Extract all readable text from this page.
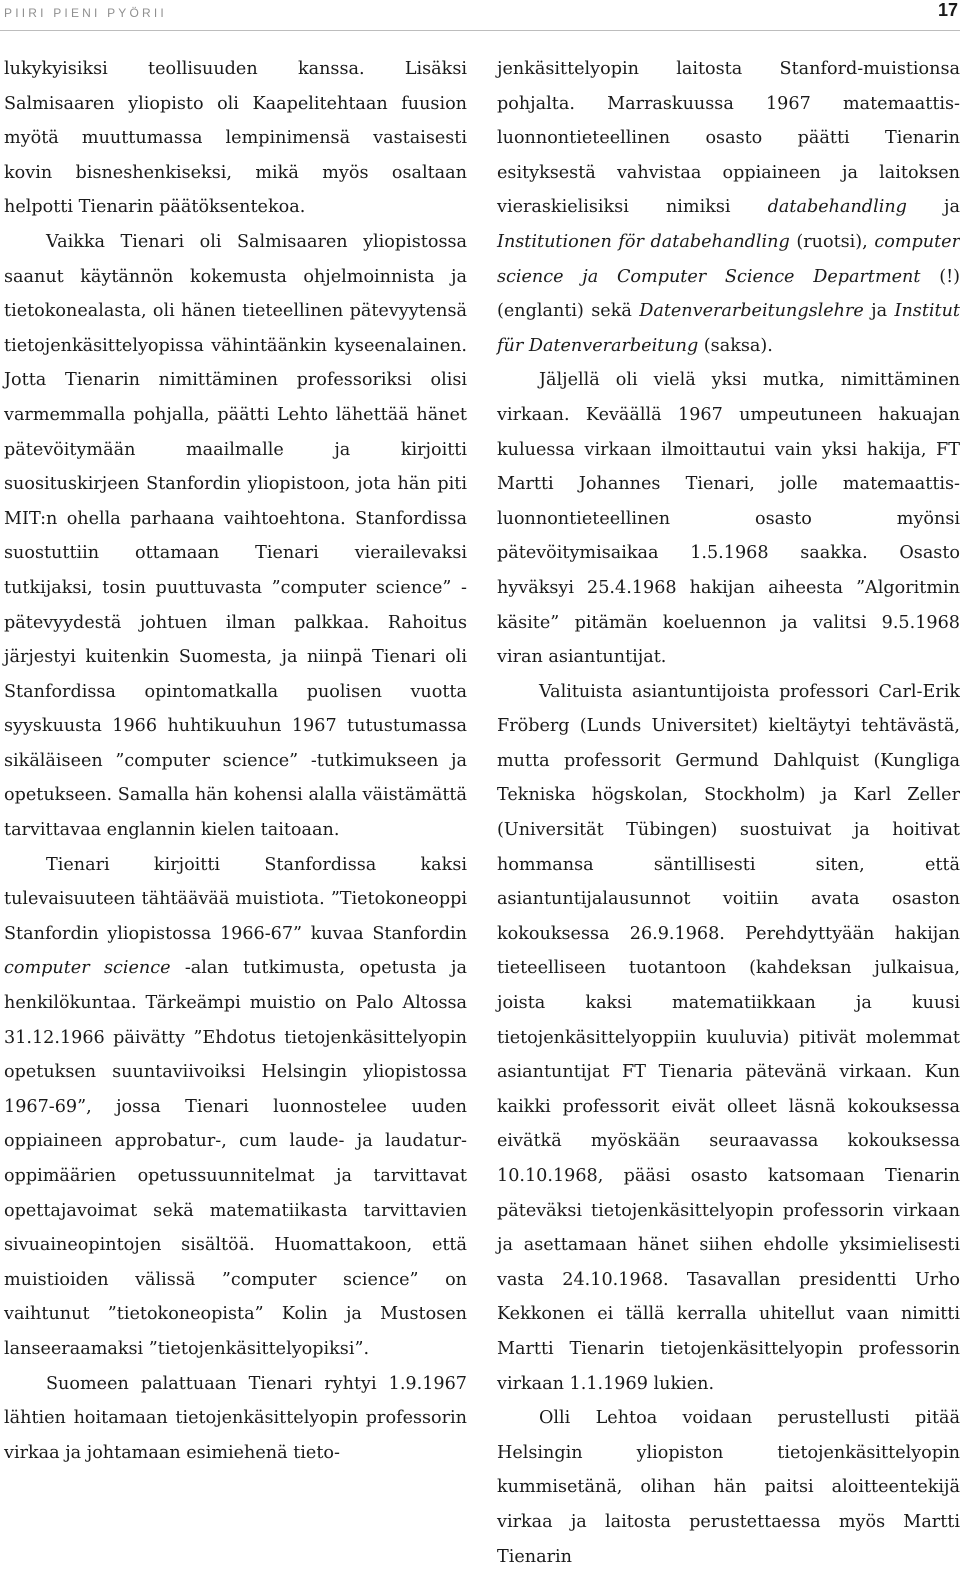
PIIRI PIENI PYÖRII	17

lukykyisiksi teollisuuden kanssa. Lisäksi Salmisaaren yliopisto oli Kaapelitehtaan fuusion myötä muuttumassa lempinimensä vastaisesti kovin bisneshenkiseksi, mikä myös osaltaan helpotti Tienarin päätöksentekoa.

Vaikka Tienari oli Salmisaaren yliopistossa saanut käytännön kokemusta ohjelmoinnista ja tietokonealasta, oli hänen tieteellinen pätevyytensä tietojenkäsittelyopissa vähintäänkin kyseenalainen. Jotta Tienarin nimittäminen professoriksi olisi varmemmalla pohjalla, päätti Lehto lähettää hänet pätevöitymään maailmalle ja kirjoitti suosituskirjeen Stanfordin yliopistoon, jota hän piti MIT:n ohella parhaana vaihtoehtona. Stanfordissa suostuttiin ottamaan Tienari vierailevaksi tutkijaksi, tosin puuttuvasta ”computer science” -pätevyydestä johtuen ilman palkkaa. Rahoitus järjestyi kuitenkin Suomesta, ja niinpä Tienari oli Stanfordissa opintomatkalla puolisen vuotta syyskuusta 1966 huhtikuuhun 1967 tutustumassa sikäläiseen ”computer science” -tutkimukseen ja opetukseen. Samalla hän kohensi alalla väistämättä tarvittavaa englannin kielen taitoaan.

Tienari kirjoitti Stanfordissa kaksi tulevaisuuteen tähtäävää muistiota. ”Tietokoneoppi Stanfordin yliopistossa 1966-67” kuvaa Stanfordin computer science -alan tutkimusta, opetusta ja henkilökuntaa. Tärkeämpi muistio on Palo Altossa 31.12.1966 päivätty ”Ehdotus tietojenkäsittelyopin opetuksen suuntaviivoiksi Helsingin yliopistossa 1967-69”, jossa Tienari luonnostelee uuden oppiaineen approbatur-, cum laude- ja laudatur-oppimäärien opetussuunnitelmat ja tarvittavat opettajavoimat sekä matematiikasta tarvittavien sivuaineopintojen sisältöä. Huomattakoon, että muistioiden välissä ”computer science” on vaihtunut ”tietokoneopista” Kolin ja Mustosen lanseeraamaksi ”tietojenkäsittelyopiksi”.

Suomeen palattuaan Tienari ryhtyi 1.9.1967 lähtien hoitamaan tietojenkäsittelyopin professorin virkaa ja johtamaan esimiehenä tieto-

jenkäsittelyopin laitosta Stanford-muistionsa pohjalta. Marraskuussa 1967 matemaattis-luonnontieteellinen osasto päätti Tienarin esityksestä vahvistaa oppiaineen ja laitoksen vieraskielisiksi nimiksi databehandling ja Institutionen för databehandling (ruotsi), computer science ja Computer Science Department (!) (englanti) sekä Datenverarbeitungslehre ja Institut für Datenverarbeitung (saksa).

Jäljellä oli vielä yksi mutka, nimittäminen virkaan. Keväällä 1967 umpeutuneen hakuajan kuluessa virkaan ilmoittautui vain yksi hakija, FT Martti Johannes Tienari, jolle matemaattis-luonnontieteellinen osasto myönsi pätevöitymisaikaa 1.5.1968 saakka. Osasto hyväksyi 25.4.1968 hakijan aiheesta ”Algoritmin käsite” pitämän koeluennon ja valitsi 9.5.1968 viran asiantuntijat.

Valituista asiantuntijoista professori Carl-Erik Fröberg (Lunds Universitet) kieltäytyi tehtävästä, mutta professorit Germund Dahlquist (Kungliga Tekniska högskolan, Stockholm) ja Karl Zeller (Universität Tübingen) suostuivat ja hoitivat hommansa säntillisesti siten, että asiantuntijalausunnot voitiin avata osaston kokouksessa 26.9.1968. Perehdyttyään hakijan tieteelliseen tuotantoon (kahdeksan julkaisua, joista kaksi matematiikkaan ja kuusi tietojenkäsittelyoppiin kuuluvia) pitivät molemmat asiantuntijat FT Tienaria pätevänä virkaan. Kun kaikki professorit eivät olleet läsnä kokouksessa eivätkä myöskään seuraavassa kokouksessa 10.10.1968, pääsi osasto katsomaan Tienarin päteväksi tietojenkäsittelyopin professorin virkaan ja asettamaan hänet siihen ehdolle yksimielisesti vasta 24.10.1968. Tasavallan presidentti Urho Kekkonen ei tällä kerralla uhitellut vaan nimitti Martti Tienarin tietojenkäsittelyopin professorin virkaan 1.1.1969 lukien.

Olli Lehtoa voidaan perustellusti pitää Helsingin yliopiston tietojenkäsittelyopin kummisetänä, olihan hän paitsi aloitteentekijä virkaa ja laitosta perustettaessa myös Martti Tienarin
